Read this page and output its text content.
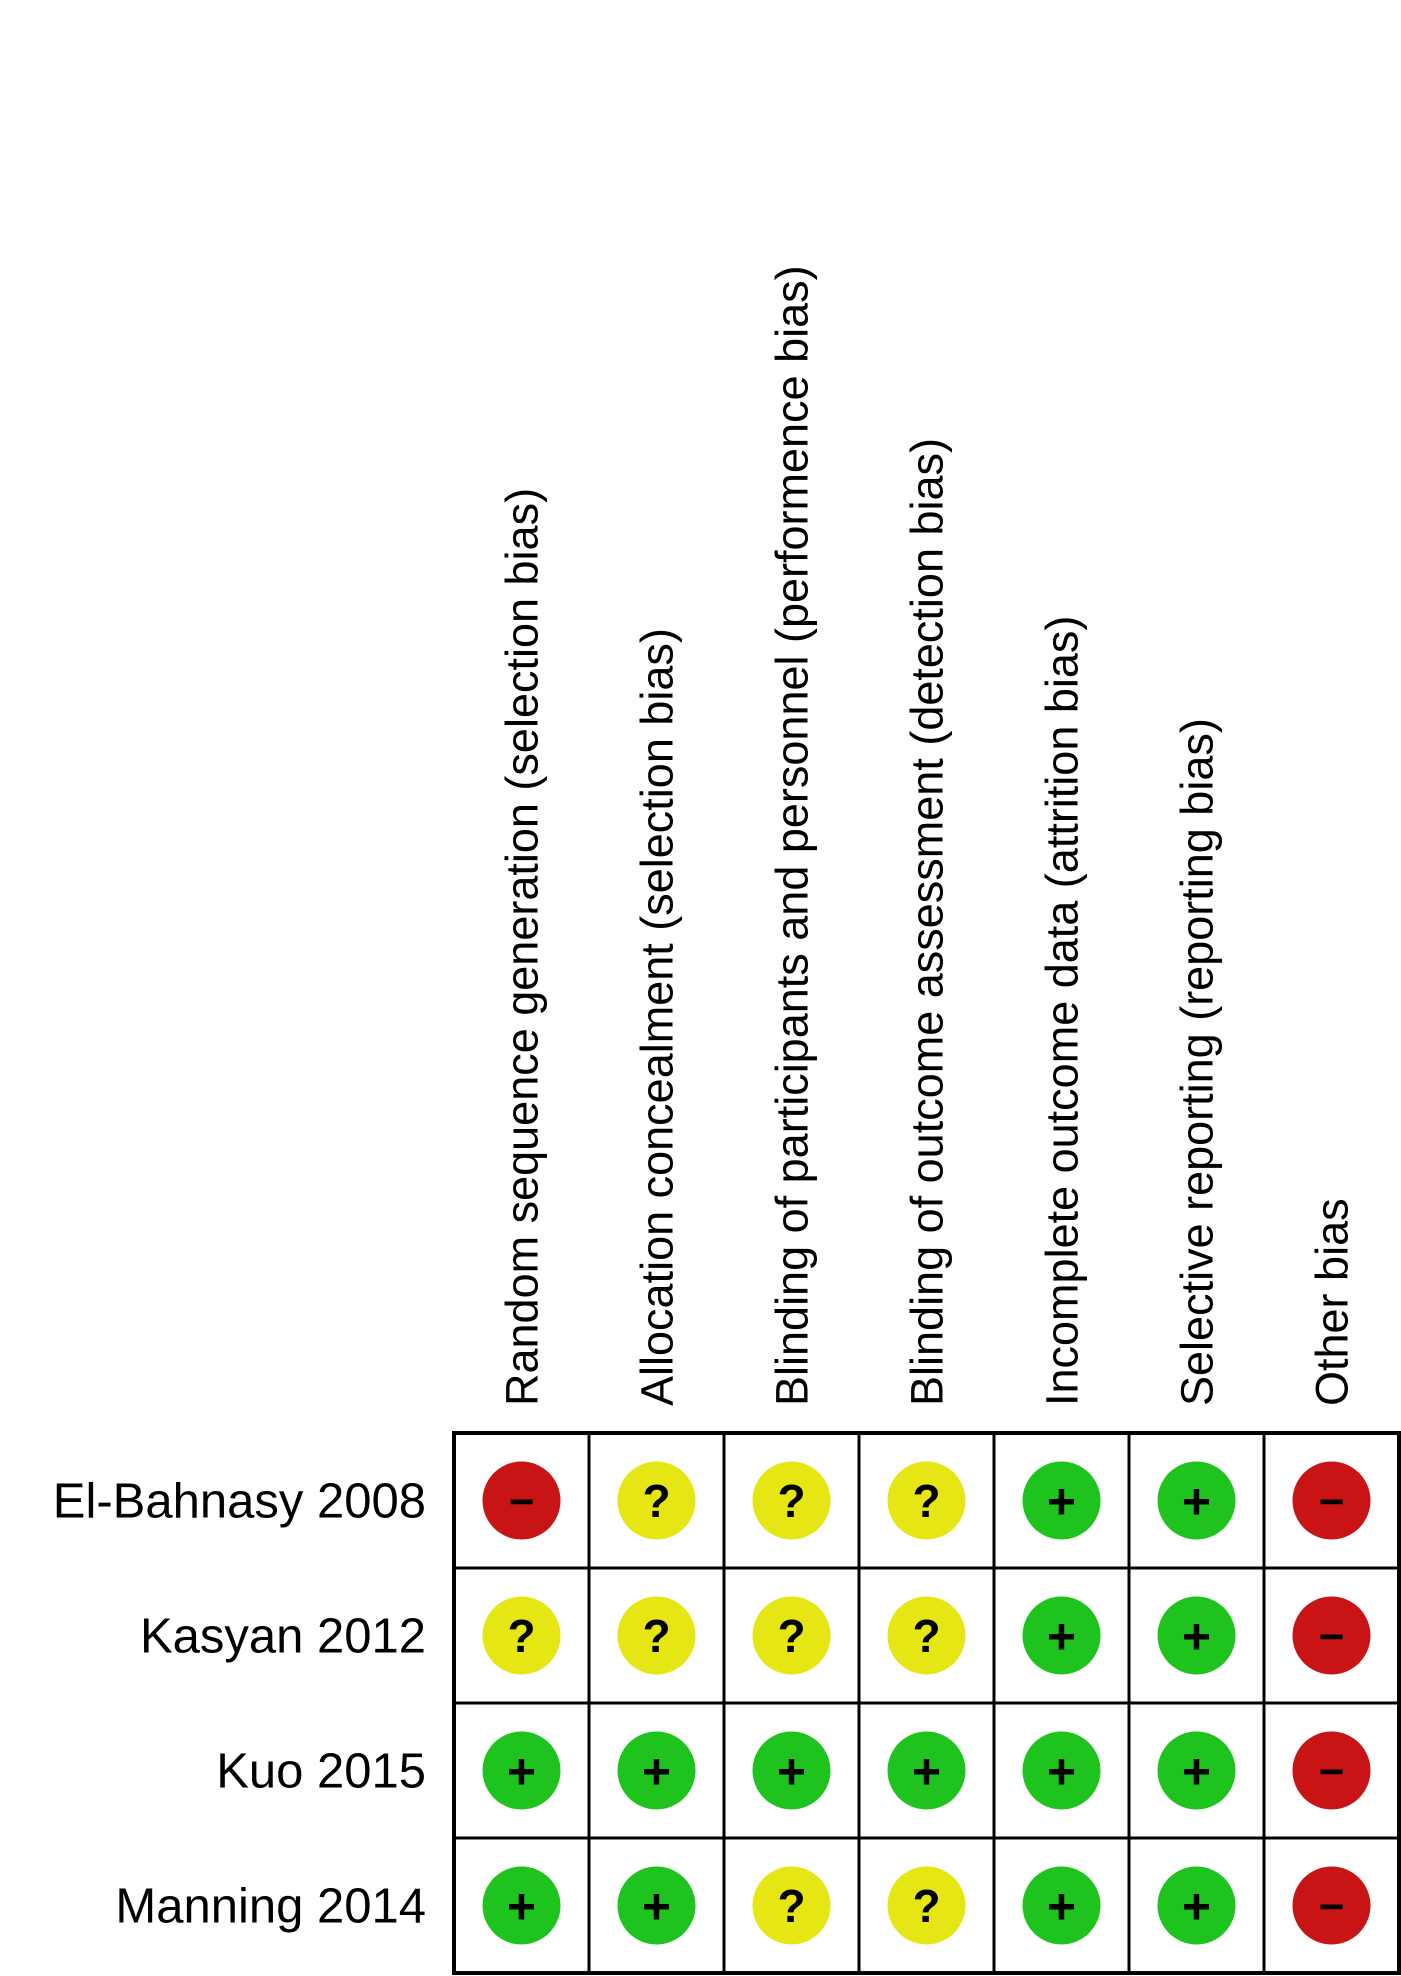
Random sequence generation (selection bias) Allocation concealment (selection bias) Blinding of participants and personnel (performence bias) Blinding of outcome assessment (detection bias) Incomplete outcome data (attrition bias) Selective reporting (reporting bias) Other bias
El-Bahnasy 2008
Kasyan 2012
Kuo 2015
Manning 2014
− ? ? ? + + −
? ? ? ? + + −
+ + + + + + −
+ + ? ? + + −
